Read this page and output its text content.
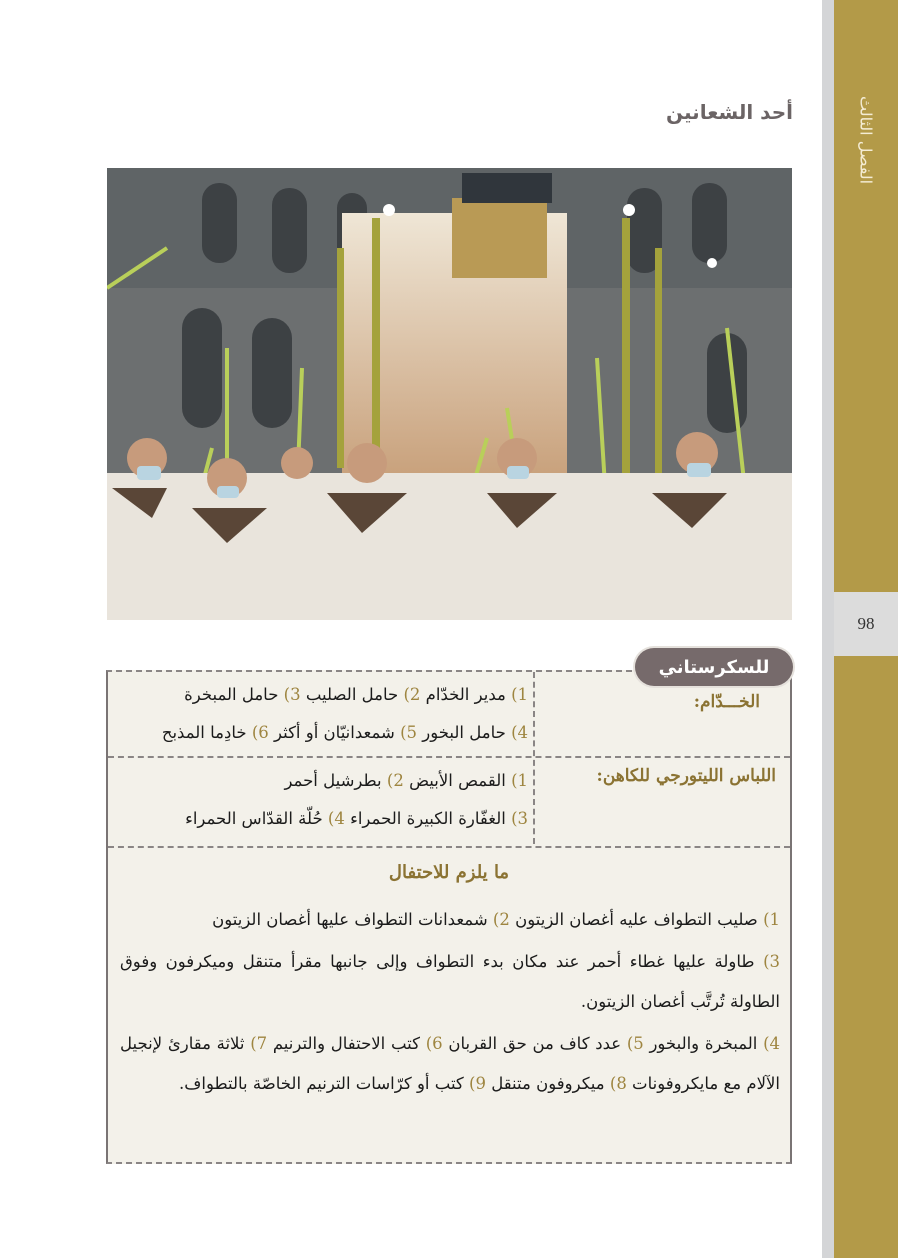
الفصل الثالث
98
أحد الشعانين
الخـــدّام:
1) مدير الخدّام 2) حامل الصليب 3) حامل المبخرة
4) حامل البخور 5) شمعدانيّان أو أكثر 6) خادِما المذبح
اللباس الليتورجي للكاهن:
1) القمص الأبيض 2) بطرشيل أحمر
3) الغفّارة الكبيرة الحمراء 4) حُلّة القدّاس الحمراء
ما يلزم للاحتفال
1) صليب التطواف عليه أغصان الزيتون 2) شمعدانات التطواف عليها أغصان الزيتون
3) طاولة عليها غطاء أحمر عند مكان بدء التطواف وإلى جانبها مقرأ متنقل وميكرفون وفوق الطاولة تُرتَّب أغصان الزيتون.
4) المبخرة والبخور 5) عدد كاف من حق القربان 6) كتب الاحتفال والترنيم 7) ثلاثة مقارئ لإنجيل الآلام مع مايكروفونات 8) ميكروفون متنقل 9) كتب أو كرّاسات الترنيم الخاصّة بالتطواف.
للسكرستاني
